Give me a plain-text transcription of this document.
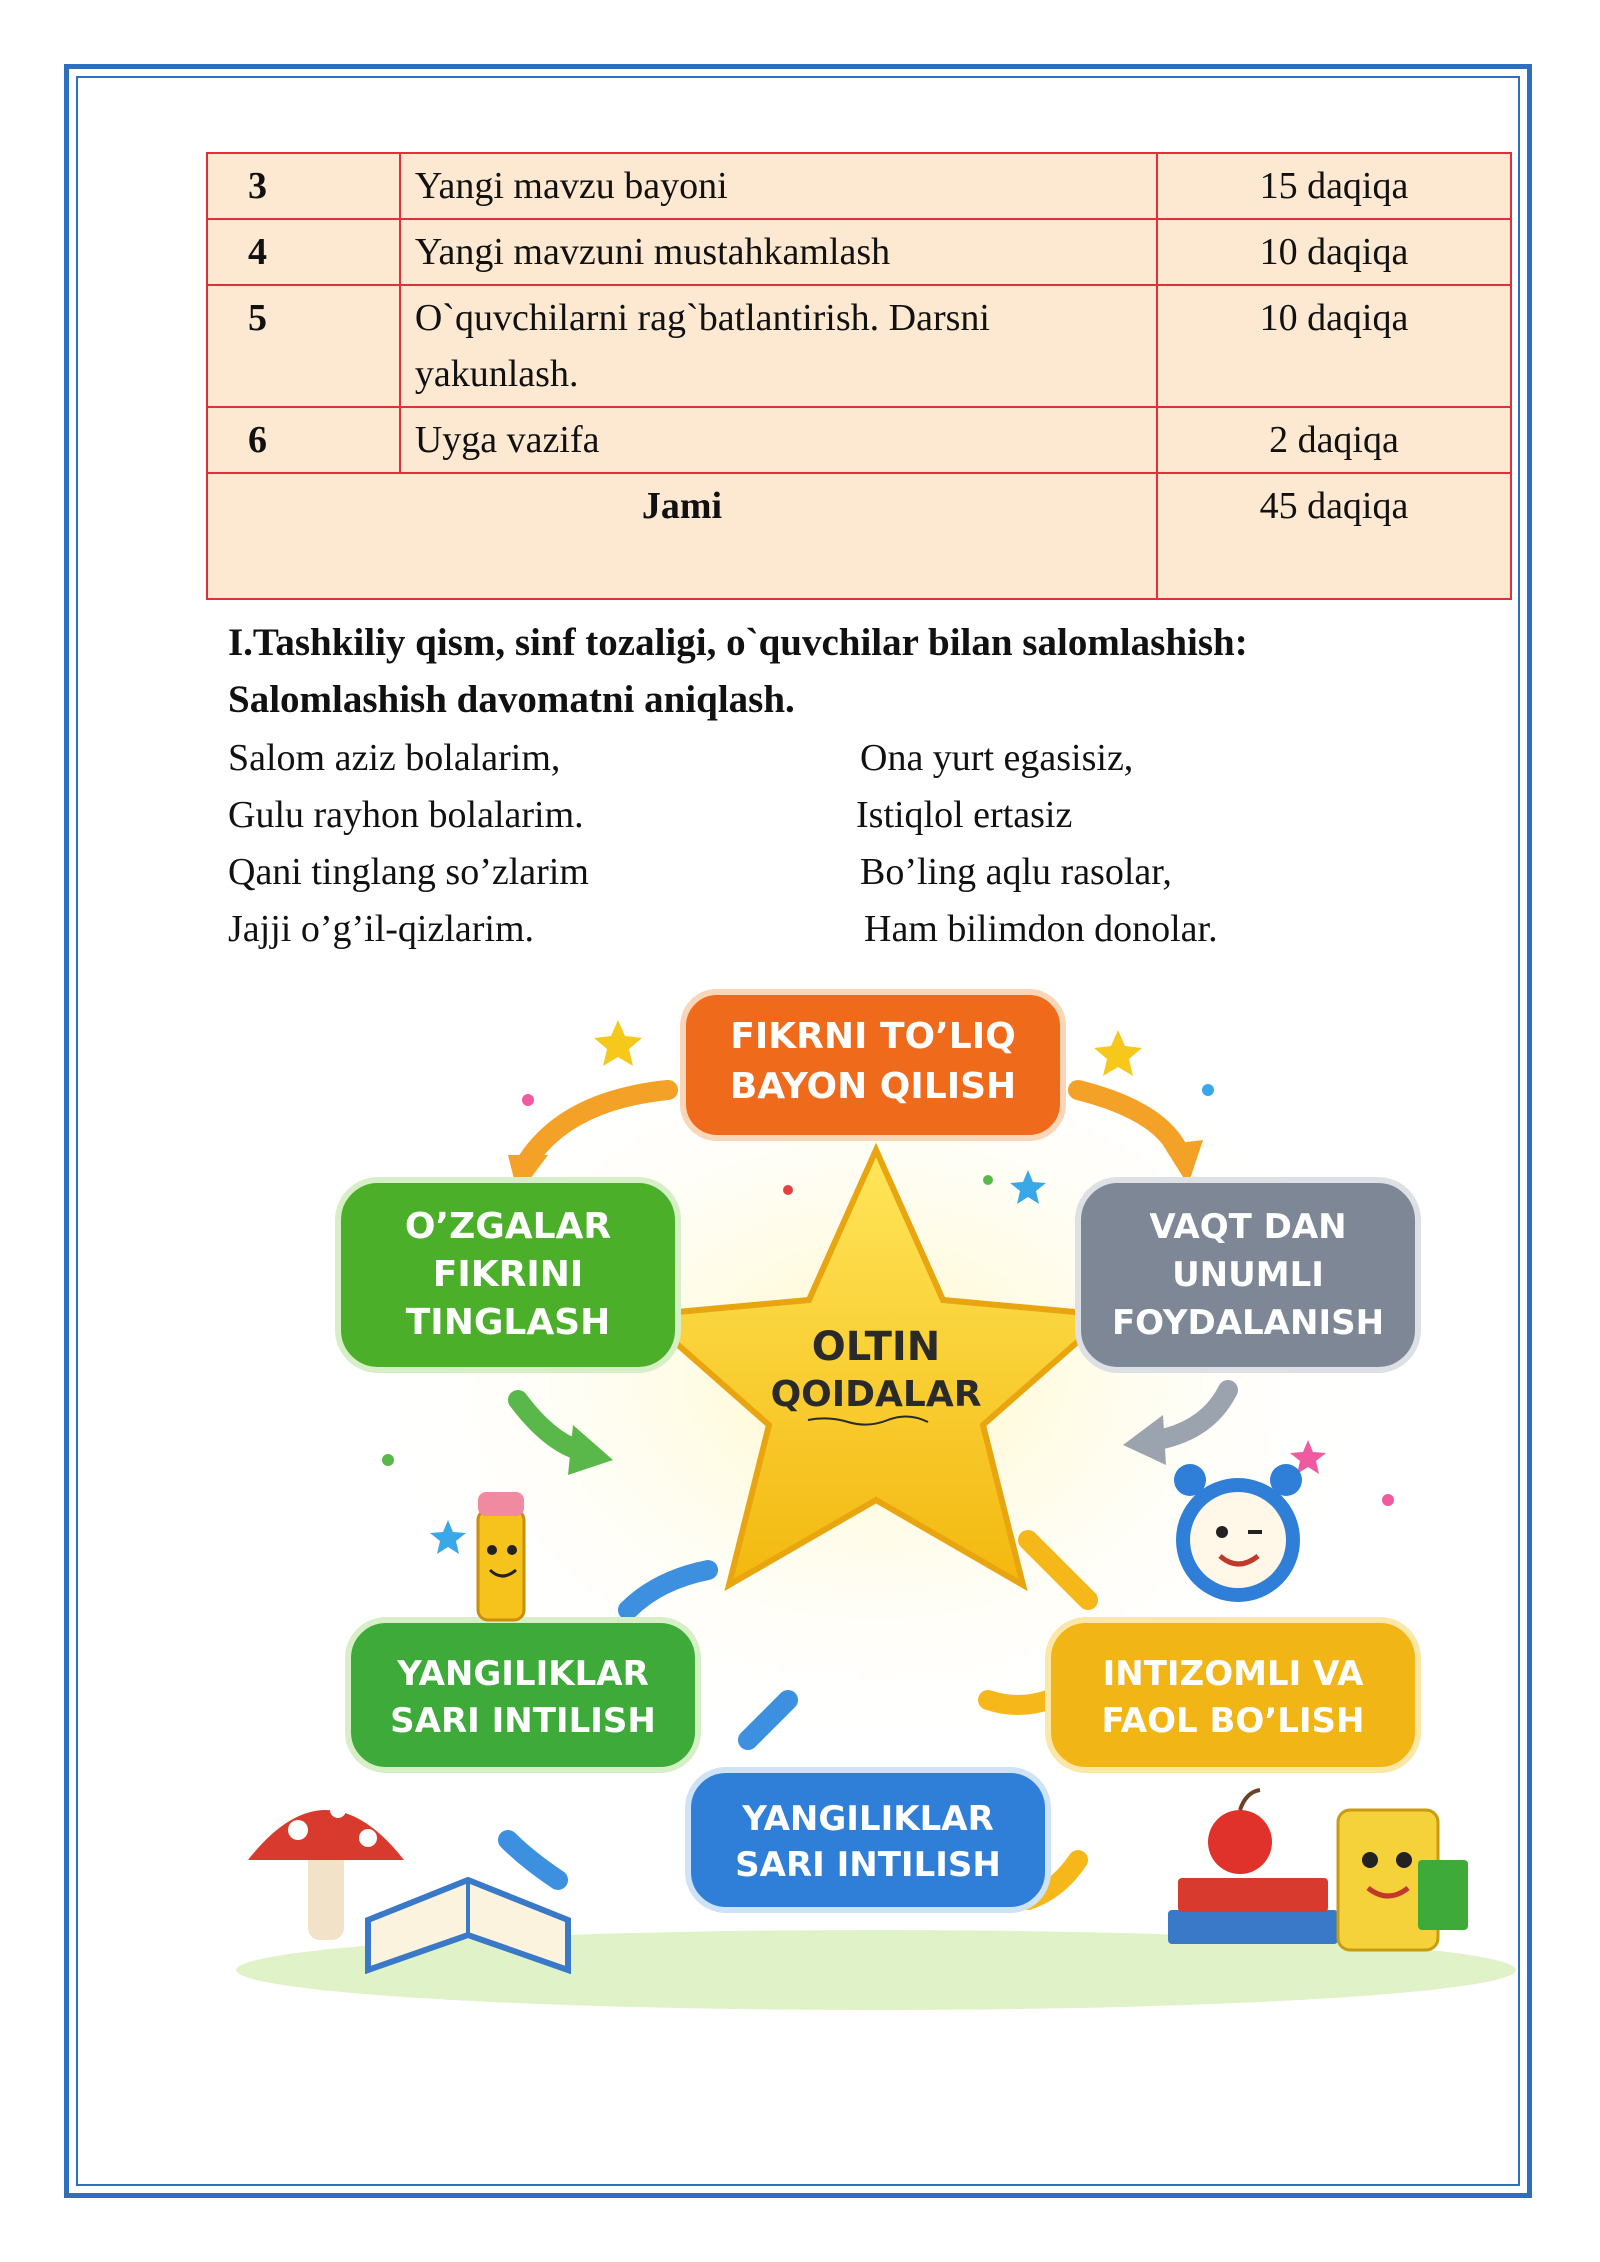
3	Yangi mavzu bayoni	15 daqiqa
4	Yangi mavzuni mustahkamlash	10 daqiqa
5	O`quvchilarni rag`batlantirish. Darsni yakunlash.	10 daqiqa
6	Uyga vazifa	2 daqiqa
Jami		45 daqiqa
I.Tashkiliy qism, sinf tozaligi, o`quvchilar bilan salomlashish: Salomlashish davomatni aniqlash.
Salom aziz bolalarim,
Gulu rayhon bolalarim.
Qani tinglang so’zlarim
Jajji o’g’il-qizlarim.
Ona yurt egasisiz,
Istiqlol ertasiz
Bo’ling aqlu rasolar,
Ham bilimdon donolar.
OLTIN
QOIDALAR
FIKRNI TO’LIQ
BAYON QILISH
O’ZGALAR
FIKRINI
TINGLASH
VAQT DAN
UNUMLI
FOYDALANISH
YANGILIKLAR
SARI INTILISH
INTIZOMLI VA
FAOL BO’LISH
YANGILIKLAR
SARI INTILISH
